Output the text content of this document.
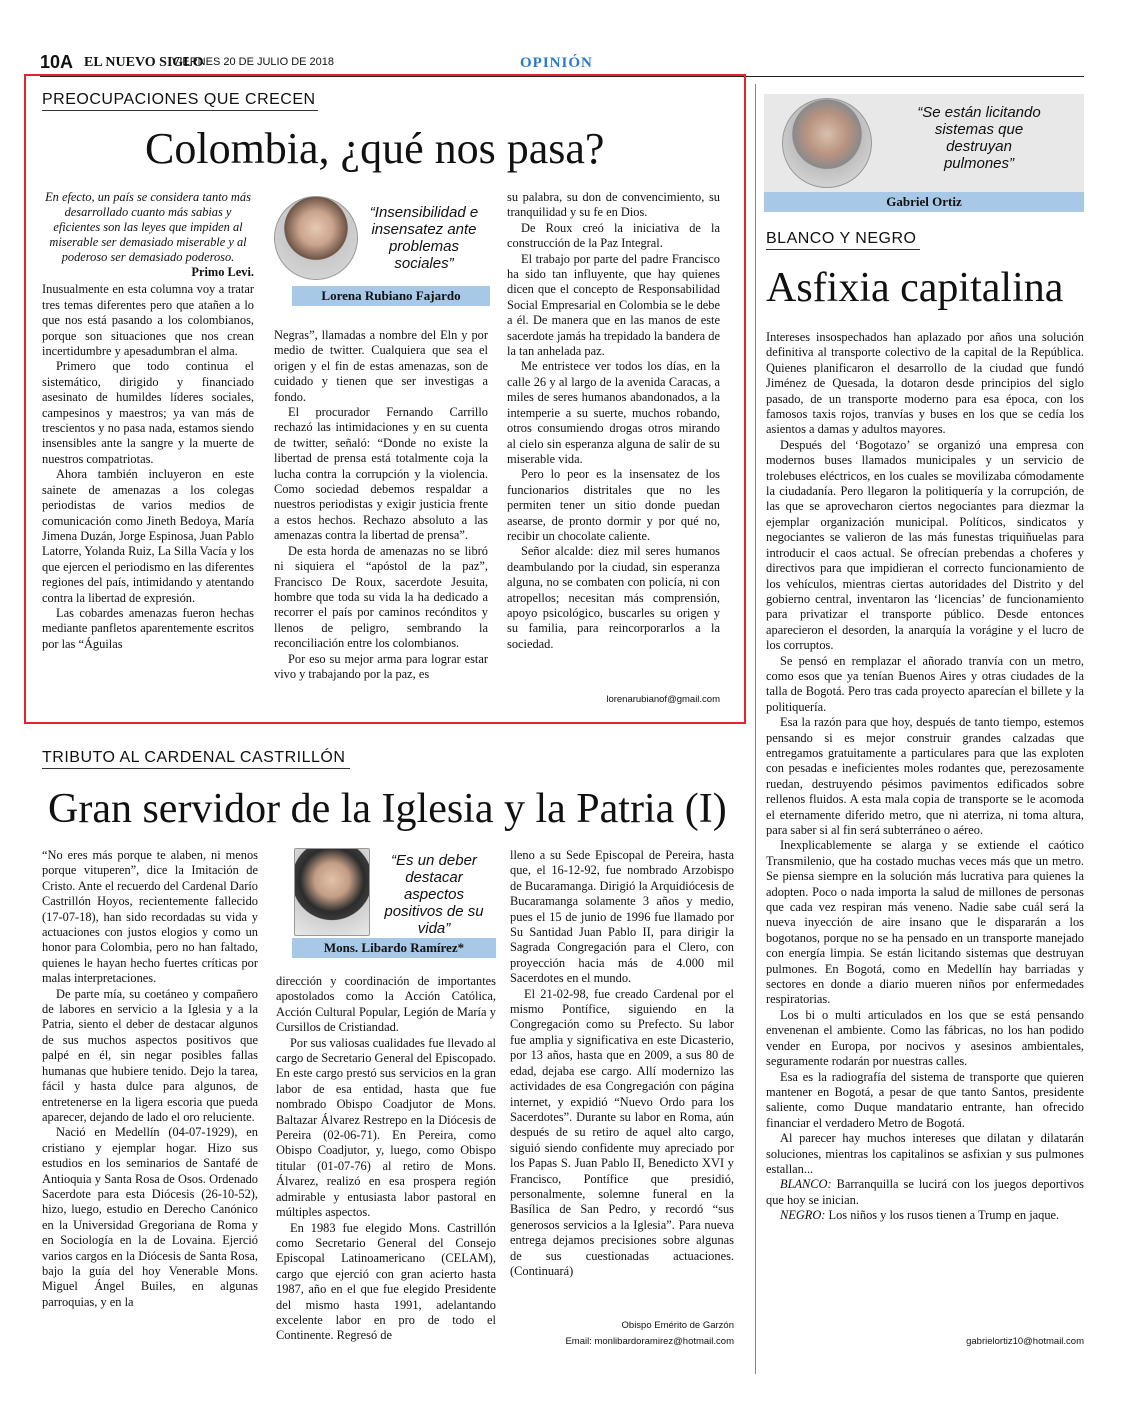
10A EL NUEVO SIGLO
VIERNES 20 DE JULIO DE 2018	OPINIÓN
PREOCUPACIONES QUE CRECEN
Colombia, ¿qué nos pasa?
En efecto, un país se considera tanto más desarrollado cuanto más sabias y eficientes son las leyes que impiden al miserable ser demasiado miserable y al poderoso ser demasiado poderoso.
Primo Levi.

Inusualmente en esta columna voy a tratar tres temas diferentes pero que atañen a lo que nos está pasando a los colombianos, porque son situaciones que nos crean incertidumbre y apesadumbran el alma.

Primero que todo continua el sistemático, dirigido y financiado asesinato de humildes líderes sociales, campesinos y maestros; ya van más de trescientos y no pasa nada, estamos siendo insensibles ante la sangre y la muerte de nuestros compatriotas.

Ahora también incluyeron en este sainete de amenazas a los colegas periodistas de varios medios de comunicación como Jineth Bedoya, María Jimena Duzán, Jorge Espinosa, Juan Pablo Latorre, Yolanda Ruiz, La Silla Vacía y los que ejercen el periodismo en las diferentes regiones del país, intimidando y atentando contra la libertad de expresión.

Las cobardes amenazas fueron hechas mediante panfletos aparentemente escritos por las “Águilas

“Insensibilidad e insensatez ante problemas sociales”
Lorena Rubiano Fajardo

Negras”, llamadas a nombre del Eln y por medio de twitter. Cualquiera que sea el origen y el fin de estas amenazas, son de cuidado y tienen que ser investigas a fondo.

El procurador Fernando Carrillo rechazó las intimidaciones y en su cuenta de twitter, señaló: “Donde no existe la libertad de prensa está totalmente coja la lucha contra la corrupción y la violencia. Como sociedad debemos respaldar a nuestros periodistas y exigir justicia frente a estos hechos. Rechazo absoluto a las amenazas contra la libertad de prensa”.

De esta horda de amenazas no se libró ni siquiera el “apóstol de la paz”, Francisco De Roux, sacerdote Jesuita, hombre que toda su vida la ha dedicado a recorrer el país por caminos recónditos y llenos de peligro, sembrando la reconciliación entre los colombianos.

Por eso su mejor arma para lograr estar vivo y trabajando por la paz, es

su palabra, su don de convencimiento, su tranquilidad y su fe en Dios.

De Roux creó la iniciativa de la construcción de la Paz Integral.

El trabajo por parte del padre Francisco ha sido tan influyente, que hay quienes dicen que el concepto de Responsabilidad Social Empresarial en Colombia se le debe a él. De manera que en las manos de este sacerdote jamás ha trepidado la bandera de la tan anhelada paz.

Me entristece ver todos los días, en la calle 26 y al largo de la avenida Caracas, a miles de seres humanos abandonados, a la intemperie a su suerte, muchos robando, otros consumiendo drogas otros mirando al cielo sin esperanza alguna de salir de su miserable vida.

Pero lo peor es la insensatez de los funcionarios distritales que no les permiten tener un sitio donde puedan asearse, de pronto dormir y por qué no, recibir un chocolate caliente.

Señor alcalde: diez mil seres humanos deambulando por la ciudad, sin esperanza alguna, no se combaten con policía, ni con atropellos; necesitan más comprensión, apoyo psicológico, buscarles su origen y su familia, para reincorporarlos a la sociedad.

lorenarubianof@gmail.com
TRIBUTO AL CARDENAL CASTRILLÓN
Gran servidor de la Iglesia y la Patria (I)

“No eres más porque te alaben, ni menos porque vituperen”, dice la Imitación de Cristo. Ante el recuerdo del Cardenal Darío Castrillón Hoyos, recientemente fallecido (17-07-18), han sido recordadas su vida y actuaciones con justos elogios y como un honor para Colombia, pero no han faltado, quienes le hayan hecho fuertes críticas por malas interpretaciones.

De parte mía, su coetáneo y compañero de labores en servicio a la Iglesia y a la Patria, siento el deber de destacar algunos de sus muchos aspectos positivos que palpé en él, sin negar posibles fallas humanas que hubiere tenido. Dejo la tarea, fácil y hasta dulce para algunos, de entretenerse en la ligera escoria que pueda aparecer, dejando de lado el oro reluciente.

Nació en Medellín (04-07-1929), en cristiano y ejemplar hogar. Hizo sus estudios en los seminarios de Santafé de Antioquia y Santa Rosa de Osos. Ordenado Sacerdote para esta Diócesis (26-10-52), hizo, luego, estudio en Derecho Canónico en la Universidad Gregoriana de Roma y en Sociología en la de Lovaina. Ejerció varios cargos en la Diócesis de Santa Rosa, bajo la guía del hoy Venerable Mons. Miguel Ángel Builes, en algunas parroquias, y en la

“Es un deber destacar aspectos positivos de su vida”
Mons. Libardo Ramírez*

dirección y coordinación de importantes apostolados como la Acción Católica, Acción Cultural Popular, Legión de María y Cursillos de Cristiandad.

Por sus valiosas cualidades fue llevado al cargo de Secretario General del Episcopado. En este cargo prestó sus servicios en la gran labor de esa entidad, hasta que fue nombrado Obispo Coadjutor de Mons. Baltazar Álvarez Restrepo en la Diócesis de Pereira (02-06-71). En Pereira, como Obispo Coadjutor, y, luego, como Obispo titular (01-07-76) al retiro de Mons. Álvarez, realizó en esa prospera región admirable y entusiasta labor pastoral en múltiples aspectos.

En 1983 fue elegido Mons. Castrillón como Secretario General del Consejo Episcopal Latinoamericano (CELAM), cargo que ejerció con gran acierto hasta 1987, año en el que fue elegido Presidente del mismo hasta 1991, adelantando excelente labor en pro de todo el Continente. Regresó de

lleno a su Sede Episcopal de Pereira, hasta que, el 16-12-92, fue nombrado Arzobispo de Bucaramanga. Dirigió la Arquidiócesis de Bucaramanga solamente 3 años y medio, pues el 15 de junio de 1996 fue llamado por Su Santidad Juan Pablo II, para dirigir la Sagrada Congregación para el Clero, con proyección hacia más de 4.000 mil Sacerdotes en el mundo.

El 21-02-98, fue creado Cardenal por el mismo Pontífice, siguiendo en la Congregación como su Prefecto. Su labor fue amplia y significativa en este Dicasterio, por 13 años, hasta que en 2009, a sus 80 de edad, dejaba ese cargo. Allí modernizo las actividades de esa Congregación con página internet, y expidió “Nuevo Ordo para los Sacerdotes”. Durante su labor en Roma, aún después de su retiro de aquel alto cargo, siguió siendo confidente muy apreciado por los Papas S. Juan Pablo II, Benedicto XVI y Francisco, Pontífice que presidió, personalmente, solemne funeral en la Basílica de San Pedro, y recordó “sus generosos servicios a la Iglesia”. Para nueva entrega dejamos precisiones sobre algunas de sus cuestionadas actuaciones. (Continuará)

Obispo Emérito de Garzón
Email: monlibardoramirez@hotmail.com
“Se están licitando sistemas que destruyan pulmones”
Gabriel Ortiz
BLANCO Y NEGRO
Asfixia capitalina

Intereses insospechados han aplazado por años una solución definitiva al transporte colectivo de la capital de la República. Quienes planificaron el desarrollo de la ciudad que fundó Jiménez de Quesada, la dotaron desde principios del siglo pasado, de un transporte moderno para esa época, con los famosos taxis rojos, tranvías y buses en los que se cedía los asientos a damas y adultos mayores.

Después del ‘Bogotazo’ se organizó una empresa con modernos buses llamados municipales y un servicio de trolebuses eléctricos, en los cuales se movilizaba cómodamente la ciudadanía. Pero llegaron la politiquería y la corrupción, de las que se aprovecharon ciertos negociantes para diezmar la ejemplar organización municipal. Políticos, sindicatos y negociantes se valieron de las más funestas triquiñuelas para introducir el caos actual. Se ofrecían prebendas a choferes y directivos para que impidieran el correcto funcionamiento de los vehículos, mientras ciertas autoridades del Distrito y del gobierno central, inventaron las ‘licencias’ de funcionamiento para privatizar el transporte público. Desde entonces aparecieron el desorden, la anarquía la vorágine y el lucro de los corruptos.

Se pensó en remplazar el añorado tranvía con un metro, como esos que ya tenían Buenos Aires y otras ciudades de la talla de Bogotá. Pero tras cada proyecto aparecían el billete y la politiquería.

Esa la razón para que hoy, después de tanto tiempo, estemos pensando si es mejor construir grandes calzadas que entregamos gratuitamente a particulares para que las exploten con pesadas e ineficientes moles rodantes que, perezosamente ruedan, destruyendo pésimos pavimentos edificados sobre rellenos fluidos. A esta mala copia de transporte se le acomoda el eternamente diferido metro, que ni aterriza, ni toma altura, para saber si al fin será subterráneo o aéreo.

Inexplicablemente se alarga y se extiende el caótico Transmilenio, que ha costado muchas veces más que un metro. Se piensa siempre en la solución más lucrativa para quienes la adopten. Poco o nada importa la salud de millones de personas que cada vez respiran más veneno. Nadie sabe cuál será la nueva inyección de aire insano que le dispararán a los bogotanos, porque no se ha pensado en un transporte manejado con energía limpia. Se están licitando sistemas que destruyan pulmones. En Bogotá, como en Medellín hay barriadas y sectores en donde a diario mueren niños por enfermedades respiratorias.

Los bi o multi articulados en los que se está pensando envenenan el ambiente. Como las fábricas, no los han podido vender en Europa, por nocivos y asesinos ambientales, seguramente rodarán por nuestras calles.

Esa es la radiografía del sistema de transporte que quieren mantener en Bogotá, a pesar de que tanto Santos, presidente saliente, como Duque mandatario entrante, han ofrecido financiar el verdadero Metro de Bogotá.

Al parecer hay muchos intereses que dilatan y dilatarán soluciones, mientras los capitalinos se asfixian y sus pulmones estallan...

BLANCO: Barranquilla se lucirá con los juegos deportivos que hoy se inician.

NEGRO: Los niños y los rusos tienen a Trump en jaque.

gabrielortiz10@hotmail.com
